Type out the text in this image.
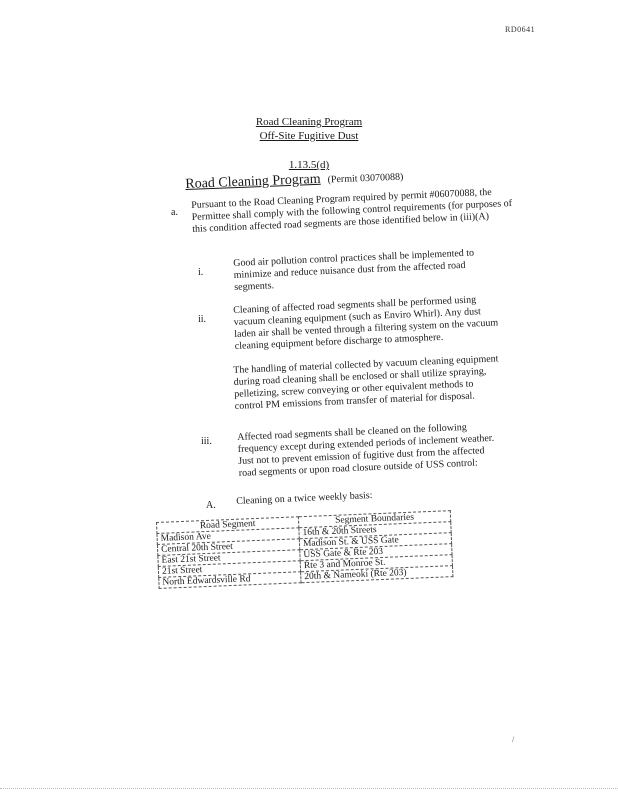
RD0641
Road Cleaning Program
Off-Site Fugitive Dust
1.13.5(d)
Road Cleaning Program (Permit 03070088)
a.
Pursuant to the Road Cleaning Program required by permit #06070088, the Permittee shall comply with the following control requirements (for purposes of this condition affected road segments are those identified below in (iii)(A)
i.
Good air pollution control practices shall be implemented to minimize and reduce nuisance dust from the affected road segments.
ii.
Cleaning of affected road segments shall be performed using vacuum cleaning equipment (such as Enviro Whirl). Any dust laden air shall be vented through a filtering system on the vacuum cleaning equipment before discharge to atmosphere.
The handling of material collected by vacuum cleaning equipment during road cleaning shall be enclosed or shall utilize spraying, pelletizing, screw conveying or other equivalent methods to control PM emissions from transfer of material for disposal.
iii.	Affected road segments shall be cleaned on the following frequency except during extended periods of inclement weather. Just not to prevent emission of fugitive dust from the affected road segments or upon road closure outside of USS control:
A. Cleaning on a twice weekly basis:
Road Segment	Segment Boundaries
Madison Ave	16th & 20th Streets
Central 20th Street	Madison St. & USS Gate
East 21st Street	USS Gate & Rte 203
21st Street	Rte 3 and Monroe St.
North Edwardsville Rd	20th & Nameoki (Rte 203)
/
